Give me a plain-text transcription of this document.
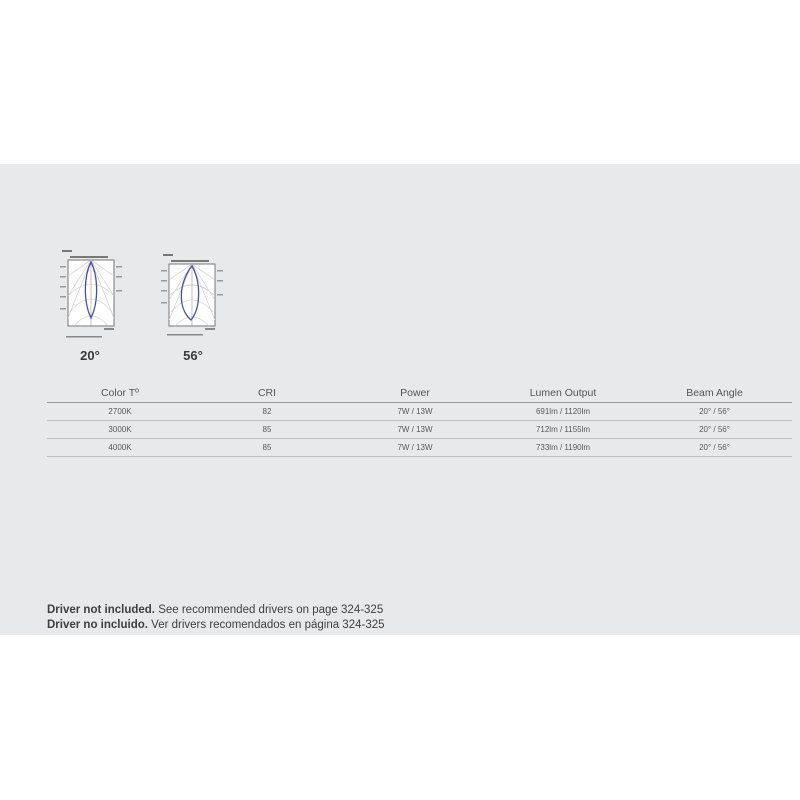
20°	56°
Color Tº	CRI	Power	Lumen Output	Beam Angle
2700K	82	7W / 13W	691lm / 1120lm	20° / 56°
3000K	85	7W / 13W	712lm / 1155lm	20° / 56°
4000K	85	7W / 13W	733lm / 1190lm	20° / 56°
Driver not included. See recommended drivers on page 324-325
Driver no incluido. Ver drivers recomendados en página 324-325
